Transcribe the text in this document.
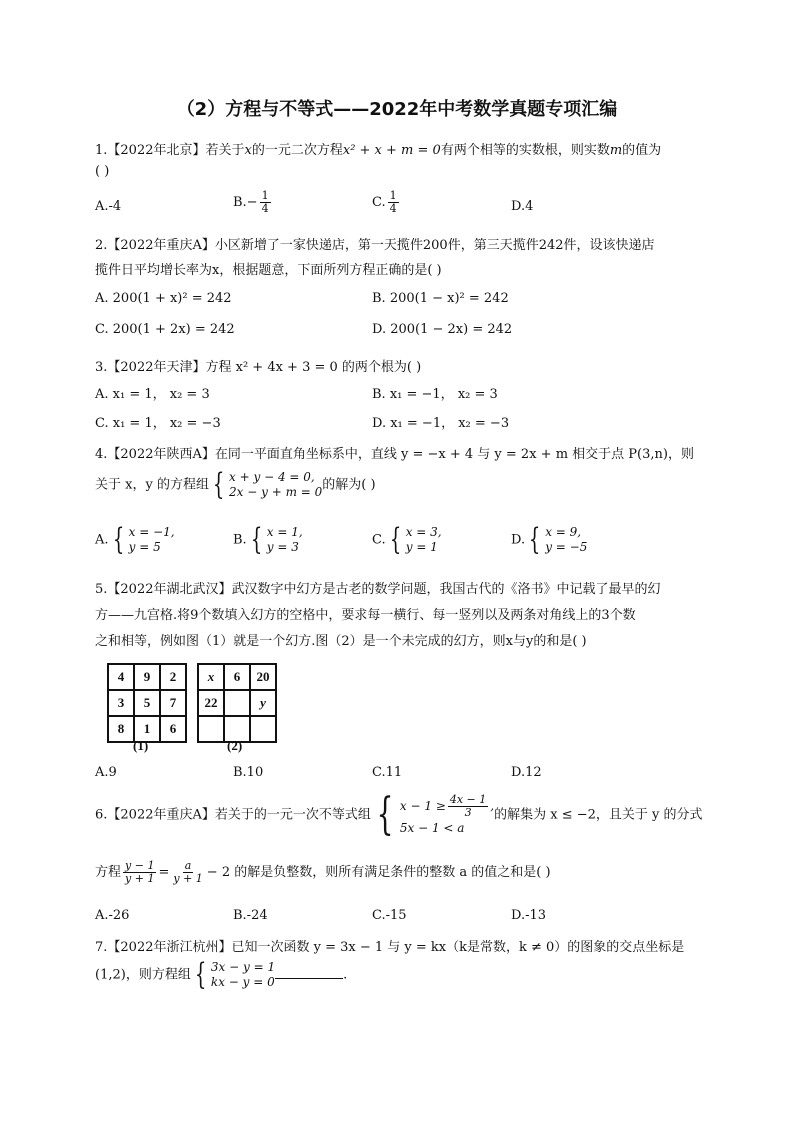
（2）方程与不等式——2022年中考数学真题专项汇编
1.【2022年北京】若关于x的一元二次方程x² + x + m = 0有两个相等的实数根，则实数m的值为
( )
A.-4	$B.- \frac{1}{4}$	C. $\frac{1}{4}$	D.4
2.【2022年重庆A】小区新增了一家快递店，第一天揽件200件，第三天揽件242件，设该快递店
揽件日平均增长率为x，根据题意，下面所列方程正确的是( )
A. 200(1 + x)² = 242	B. 200(1 − x)² = 242
C. 200(1 + 2x) = 242	D. 200(1 − 2x) = 242
3.【2022年天津】方程 x² + 4x + 3 = 0 的两个根为( )
A. x₁ = 1， x₂ = 3	B. x₁ = −1， x₂ = 3
C. x₁ = 1， x₂ = −3	D. x₁ = −1， x₂ = −3
4.【2022年陕西A】在同一平面直角坐标系中，直线 y = −x + 4 与 y = 2x + m 相交于点 P(3,n)，则
关于 x，y 的方程组 { x + y − 4 = 0,
2x − y + m = 0 的解为( )
A. { x = −1,
y = 5	B. { x = 1,
y = 3	C. { x = 3,
y = 1	D. { x = 9,
y = −5
5.【2022年湖北武汉】武汉数字中幻方是古老的数学问题，我国古代的《洛书》中记载了最早的幻
方——九宫格.将9个数填入幻方的空格中，要求每一横行、每一竖列以及两条对角线上的3个数
之和相等，例如图（1）就是一个幻方.图（2）是一个未完成的幻方，则x与y的和是( )
4	9	2
3	5	7
8	1	6
(1)
x	6	20
22		y

(2)
A.9	B.10	C.11	D.12
6.【2022年重庆A】若关于的一元一次不等式组 { $x - 1 \ge \frac{4x - 1}{3}$ ,
5x − 1 < a
的解集为 x ≤ −2，且关于 y 的分式
方程 $\frac{y - 1}{y + 1} = \frac{a}{y + 1} - 2$ 的解是负整数，则所有满足条件的整数 a 的值之和是( )
A.-26	B.-24	C.-15	D.-13
7.【2022年浙江杭州】已知一次函数 y = 3x − 1 与 y = kx（k是常数，k ≠ 0）的图象的交点坐标是
(1,2)，则方程组 { 3x − y = 1
kx − y = 0	.
